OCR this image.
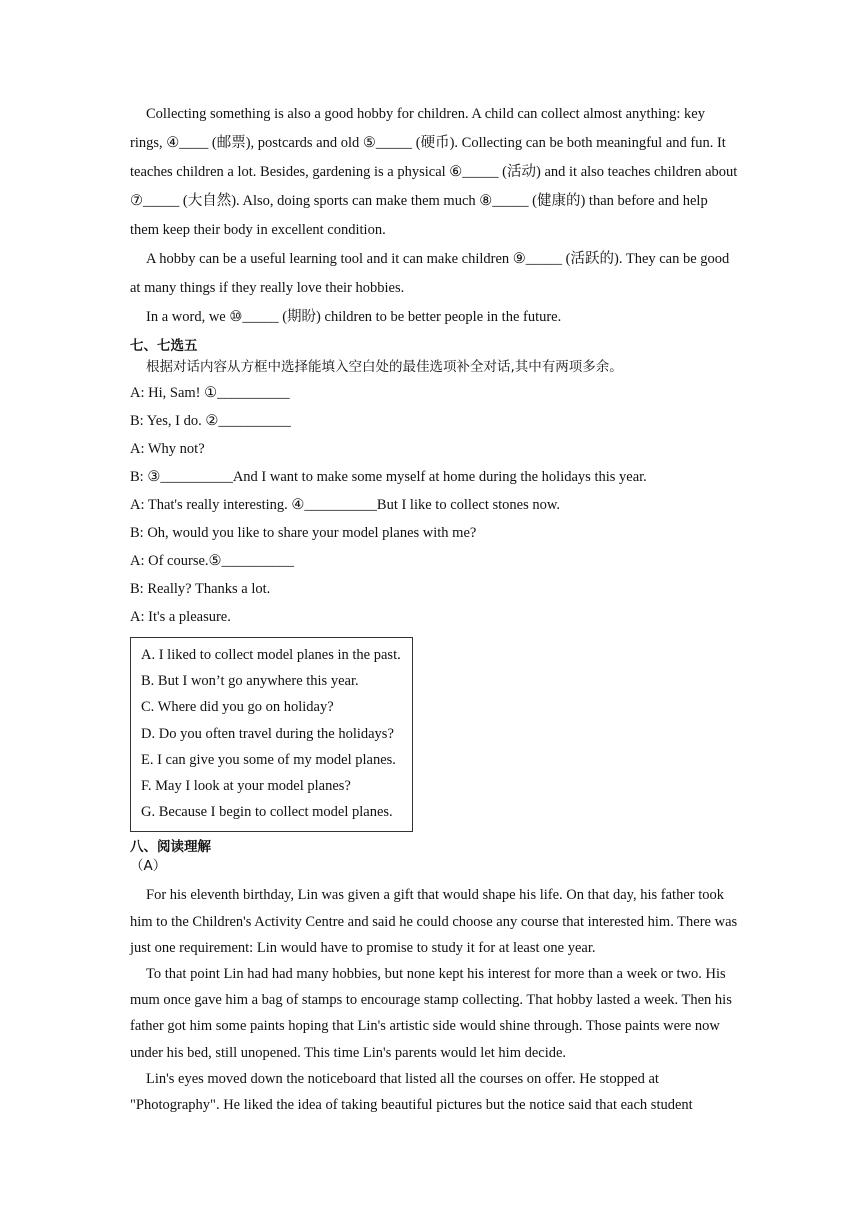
Collecting something is also a good hobby for children. A child can collect almost anything: key rings, ④____ (邮票), postcards and old ⑤_____ (硬币). Collecting can be both meaningful and fun. It teaches children a lot. Besides, gardening is a physical ⑥_____ (活动) and it also teaches children about ⑦_____ (大自然). Also, doing sports can make them much ⑧_____ (健康的) than before and help them keep their body in excellent condition.

A hobby can be a useful learning tool and it can make children ⑨_____ (活跃的). They can be good at many things if they really love their hobbies.

In a word, we ⑩_____ (期盼) children to be better people in the future.

七、七选五

根据对话内容从方框中选择能填入空白处的最佳选项补全对话,其中有两项多余。

A: Hi, Sam! ①__________

B: Yes, I do. ②__________

A: Why not?

B: ③__________And I want to make some myself at home during the holidays this year.

A: That's really interesting. ④__________But I like to collect stones now.

B: Oh, would you like to share your model planes with me?

A: Of course.⑤__________

B: Really? Thanks a lot.

A: It's a pleasure.

A. I liked to collect model planes in the past.

B. But I won’t go anywhere this year.

C. Where did you go on holiday?

D. Do you often travel during the holidays?

E. I can give you some of my model planes.

F. May I look at your model planes?

G. Because I begin to collect model planes.

八、阅读理解

（A）

For his eleventh birthday, Lin was given a gift that would shape his life. On that day, his father took him to the Children's Activity Centre and said he could choose any course that interested him. There was just one requirement: Lin would have to promise to study it for at least one year.

To that point Lin had had many hobbies, but none kept his interest for more than a week or two. His mum once gave him a bag of stamps to encourage stamp collecting. That hobby lasted a week. Then his father got him some paints hoping that Lin's artistic side would shine through. Those paints were now under his bed, still unopened. This time Lin's parents would let him decide.

Lin's eyes moved down the noticeboard that listed all the courses on offer. He stopped at "Photography". He liked the idea of taking beautiful pictures but the notice said that each student
